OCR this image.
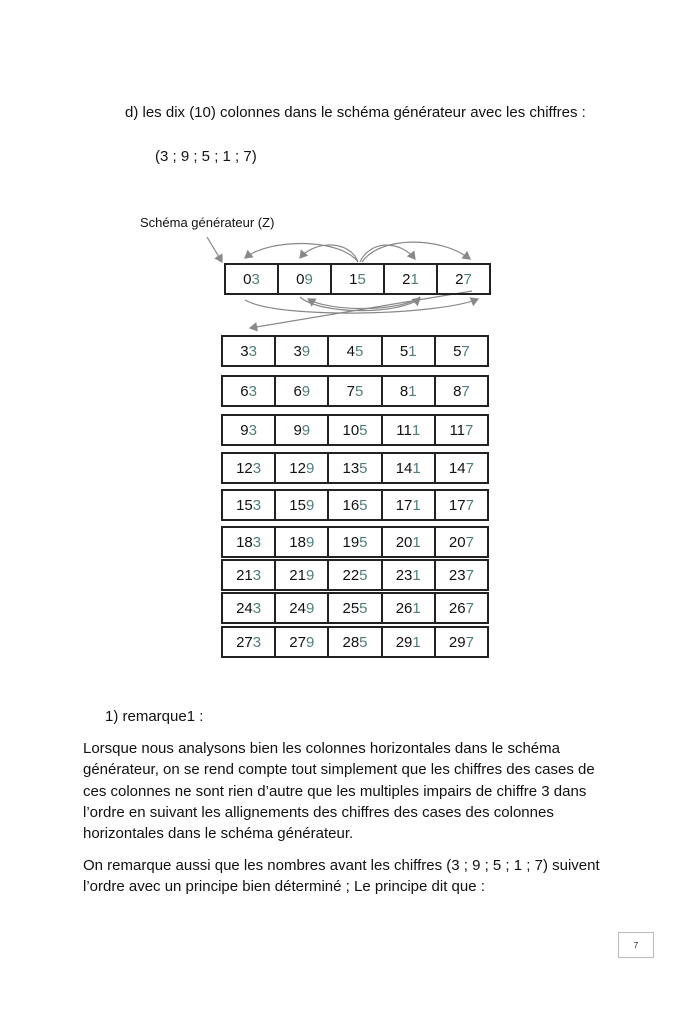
d) les dix (10) colonnes dans le schéma générateur avec les chiffres :
(3 ; 9 ; 5 ; 1 ; 7)
Schéma générateur (Z)
0 3 0 9 1 5 2 1 2 7
3 3 3 9 4 5 5 1 5 7
6 3 6 9 7 5 8 1 8 7
9 3 9 9 10 5 11 1 11 7
12 3 12 9 13 5 14 1 14 7
15 3 15 9 16 5 17 1 17 7
18 3 18 9 19 5 20 1 20 7
21 3 21 9 22 5 23 1 23 7
24 3 24 9 25 5 26 1 26 7
27 3 27 9 28 5 29 1 29 7
1) remarque1 :
Lorsque nous analysons bien les colonnes horizontales dans le schéma générateur, on se rend compte tout simplement que les chiffres des cases de ces colonnes ne sont rien d’autre que les multiples impairs de chiffre 3 dans l’ordre en suivant les allignements des chiffres des cases des colonnes horizontales dans le schéma générateur.
On remarque aussi que les nombres avant les chiffres (3 ; 9 ; 5 ; 1 ; 7) suivent l’ordre avec un principe bien déterminé ; Le principe dit que :
7
